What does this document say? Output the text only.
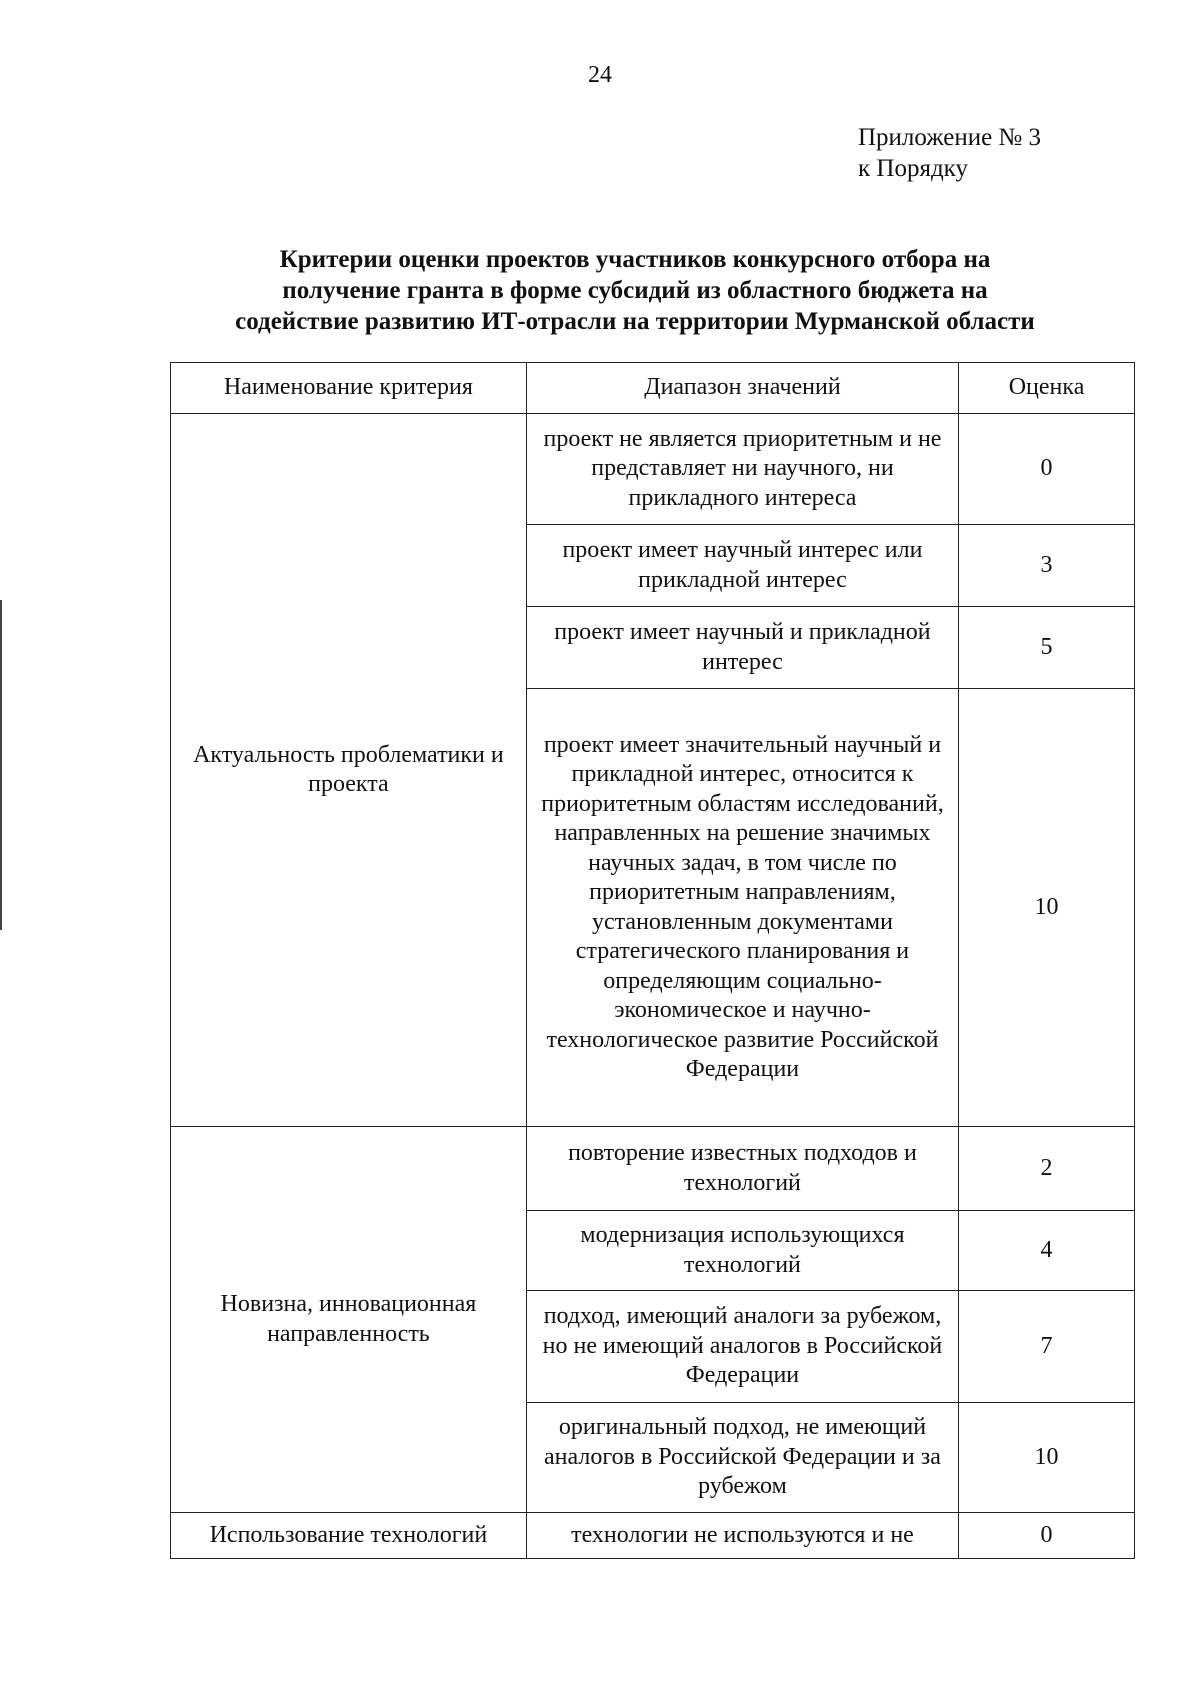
24
Приложение № 3
к Порядку
Критерии оценки проектов участников конкурсного отбора на
получение гранта в форме субсидий из областного бюджета на
содействие развитию ИТ-отрасли на территории Мурманской области
Наименование критерия	Диапазон значений	Оценка
Актуальность проблематики и проекта	проект не является приоритетным и не представляет ни научного, ни прикладного интереса	0
	проект имеет научный интерес или прикладной интерес	3
	проект имеет научный и прикладной интерес	5
	проект имеет значительный научный и прикладной интерес, относится к приоритетным областям исследований, направленных на решение значимых научных задач, в том числе по приоритетным направлениям, установленным документами стратегического планирования и определяющим социально-экономическое и научно-технологическое развитие Российской Федерации	10
Новизна, инновационная направленность	повторение известных подходов и технологий	2
	модернизация использующихся технологий	4
	подход, имеющий аналоги за рубежом, но не имеющий аналогов в Российской Федерации	7
	оригинальный подход, не имеющий аналогов в Российской Федерации и за рубежом	10
Использование технологий	технологии не используются и не	0
